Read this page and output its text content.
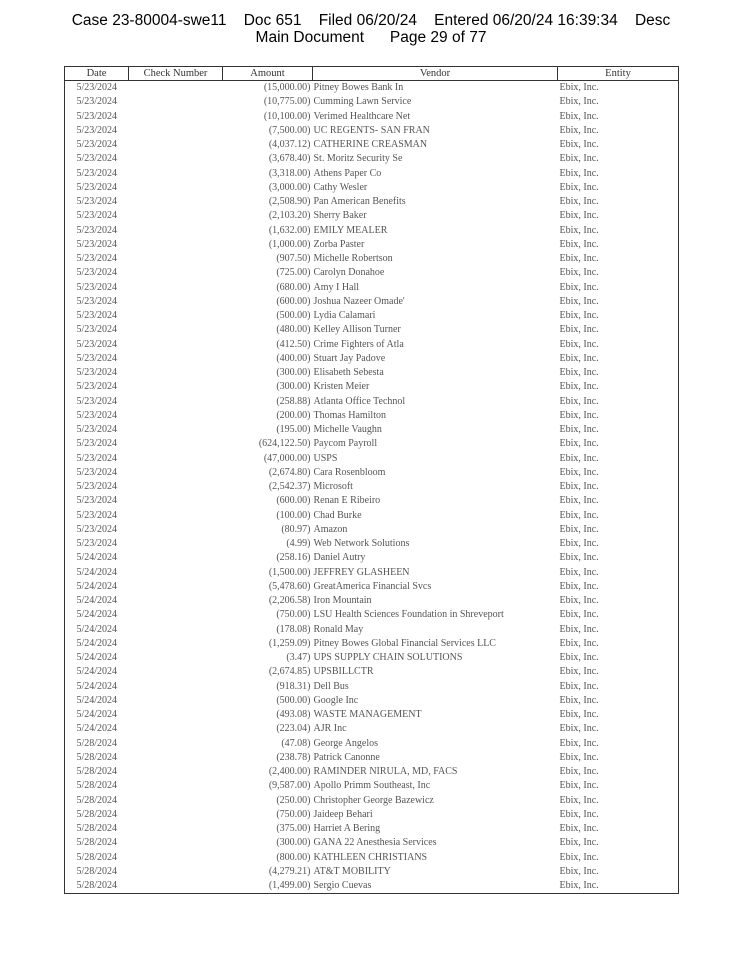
Case 23-80004-swe11    Doc 651    Filed 06/20/24    Entered 06/20/24 16:39:34    Desc
Main Document      Page 29 of 77
Date	Check Number	Amount	Vendor	Entity
5/23/2024		(15,000.00)	Pitney Bowes Bank In	Ebix, Inc.
5/23/2024		(10,775.00)	Cumming Lawn Service	Ebix, Inc.
5/23/2024		(10,100.00)	Verimed Healthcare Net	Ebix, Inc.
5/23/2024		(7,500.00)	UC REGENTS- SAN FRAN	Ebix, Inc.
5/23/2024		(4,037.12)	CATHERINE CREASMAN	Ebix, Inc.
5/23/2024		(3,678.40)	St. Moritz Security Se	Ebix, Inc.
5/23/2024		(3,318.00)	Athens Paper Co	Ebix, Inc.
5/23/2024		(3,000.00)	Cathy Wesler	Ebix, Inc.
5/23/2024		(2,508.90)	Pan American Benefits	Ebix, Inc.
5/23/2024		(2,103.20)	Sherry Baker	Ebix, Inc.
5/23/2024		(1,632.00)	EMILY MEALER	Ebix, Inc.
5/23/2024		(1,000.00)	Zorba Paster	Ebix, Inc.
5/23/2024		(907.50)	Michelle Robertson	Ebix, Inc.
5/23/2024		(725.00)	Carolyn Donahoe	Ebix, Inc.
5/23/2024		(680.00)	Amy I Hall	Ebix, Inc.
5/23/2024		(600.00)	Joshua Nazeer Omade'	Ebix, Inc.
5/23/2024		(500.00)	Lydia Calamari	Ebix, Inc.
5/23/2024		(480.00)	Kelley Allison Turner	Ebix, Inc.
5/23/2024		(412.50)	Crime Fighters of Atla	Ebix, Inc.
5/23/2024		(400.00)	Stuart Jay Padove	Ebix, Inc.
5/23/2024		(300.00)	Elisabeth Sebesta	Ebix, Inc.
5/23/2024		(300.00)	Kristen Meier	Ebix, Inc.
5/23/2024		(258.88)	Atlanta Office Technol	Ebix, Inc.
5/23/2024		(200.00)	Thomas Hamilton	Ebix, Inc.
5/23/2024		(195.00)	Michelle Vaughn	Ebix, Inc.
5/23/2024		(624,122.50)	Paycom Payroll	Ebix, Inc.
5/23/2024		(47,000.00)	USPS	Ebix, Inc.
5/23/2024		(2,674.80)	Cara Rosenbloom	Ebix, Inc.
5/23/2024		(2,542.37)	Microsoft	Ebix, Inc.
5/23/2024		(600.00)	Renan E Ribeiro	Ebix, Inc.
5/23/2024		(100.00)	Chad Burke	Ebix, Inc.
5/23/2024		(80.97)	Amazon	Ebix, Inc.
5/23/2024		(4.99)	Web Network Solutions	Ebix, Inc.
5/24/2024		(258.16)	Daniel Autry	Ebix, Inc.
5/24/2024		(1,500.00)	JEFFREY GLASHEEN	Ebix, Inc.
5/24/2024		(5,478.60)	GreatAmerica Financial Svcs	Ebix, Inc.
5/24/2024		(2,206.58)	Iron Mountain	Ebix, Inc.
5/24/2024		(750.00)	LSU Health Sciences Foundation in Shreveport	Ebix, Inc.
5/24/2024		(178.08)	Ronald May	Ebix, Inc.
5/24/2024		(1,259.09)	Pitney Bowes Global Financial Services LLC	Ebix, Inc.
5/24/2024		(3.47)	UPS SUPPLY CHAIN SOLUTIONS	Ebix, Inc.
5/24/2024		(2,674.85)	UPSBILLCTR	Ebix, Inc.
5/24/2024		(918.31)	Dell Bus	Ebix, Inc.
5/24/2024		(500.00)	Google Inc	Ebix, Inc.
5/24/2024		(493.08)	WASTE MANAGEMENT	Ebix, Inc.
5/24/2024		(223.04)	AJR Inc	Ebix, Inc.
5/28/2024		(47.08)	George Angelos	Ebix, Inc.
5/28/2024		(238.78)	Patrick Canonne	Ebix, Inc.
5/28/2024		(2,400.00)	RAMINDER NIRULA, MD, FACS	Ebix, Inc.
5/28/2024		(9,587.00)	Apollo Primm Southeast, Inc	Ebix, Inc.
5/28/2024		(250.00)	Christopher George Bazewicz	Ebix, Inc.
5/28/2024		(750.00)	Jaideep Behari	Ebix, Inc.
5/28/2024		(375.00)	Harriet A Bering	Ebix, Inc.
5/28/2024		(300.00)	GANA 22 Anesthesia Services	Ebix, Inc.
5/28/2024		(800.00)	KATHLEEN CHRISTIANS	Ebix, Inc.
5/28/2024		(4,279.21)	AT&T MOBILITY	Ebix, Inc.
5/28/2024		(1,499.00)	Sergio Cuevas	Ebix, Inc.
